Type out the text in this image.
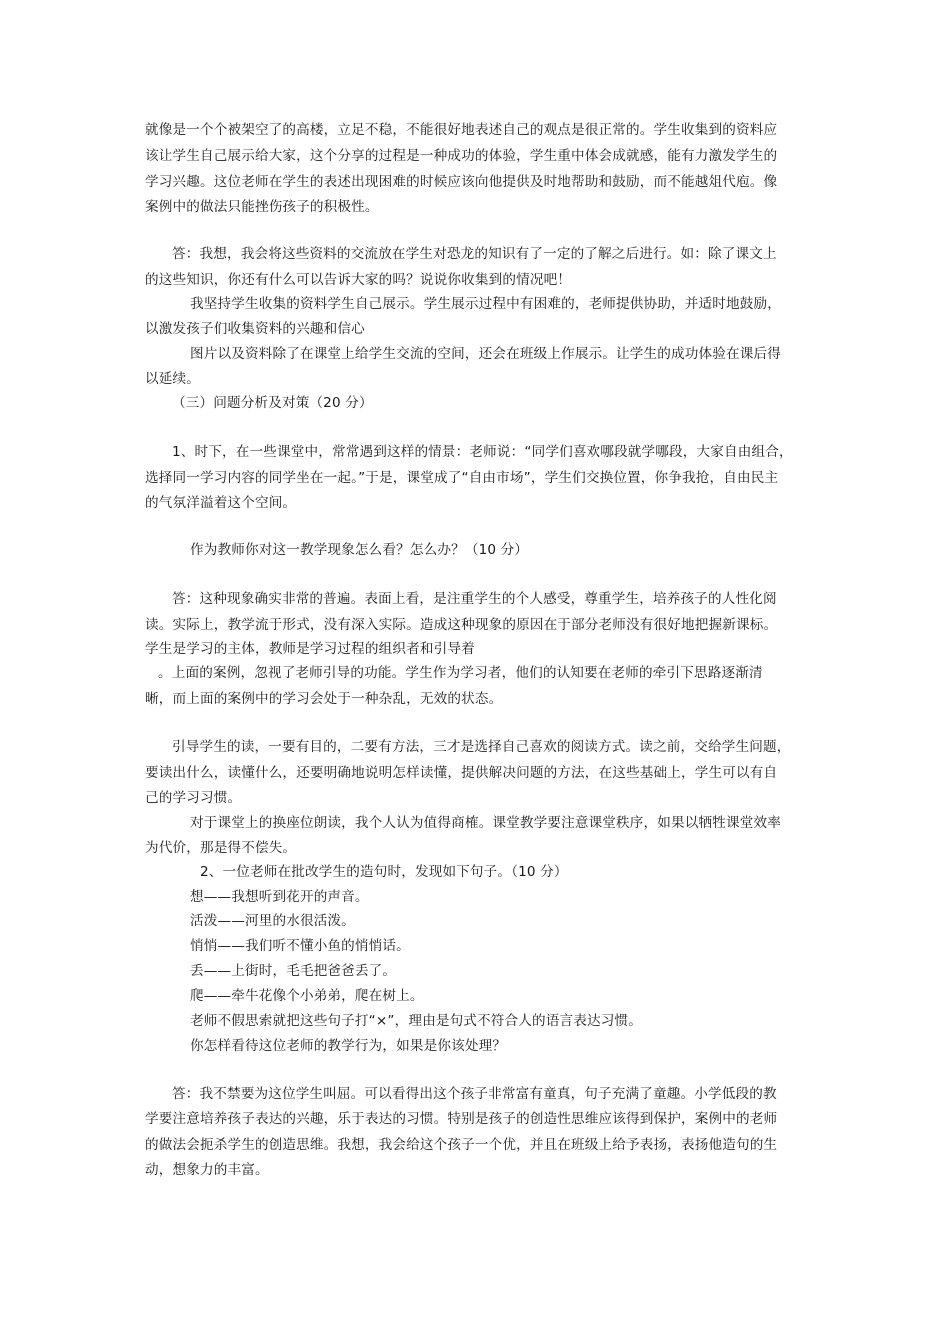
就像是一个个被架空了的高楼，立足不稳，不能很好地表述自己的观点是很正常的。学生收集到的资料应
该让学生自己展示给大家，这个分享的过程是一种成功的体验，学生重中体会成就感，能有力激发学生的
学习兴趣。这位老师在学生的表述出现困难的时候应该向他提供及时地帮助和鼓励，而不能越俎代庖。像
案例中的做法只能挫伤孩子的积极性。
答：我想，我会将这些资料的交流放在学生对恐龙的知识有了一定的了解之后进行。如：除了课文上
的这些知识，你还有什么可以告诉大家的吗？说说你收集到的情况吧！
我坚持学生收集的资料学生自己展示。学生展示过程中有困难的，老师提供协助，并适时地鼓励，
以激发孩子们收集资料的兴趣和信心
图片以及资料除了在课堂上给学生交流的空间，还会在班级上作展示。让学生的成功体验在课后得
以延续。
（三）问题分析及对策（20 分）
1、时下，在一些课堂中，常常遇到这样的情景：老师说：“同学们喜欢哪段就学哪段，大家自由组合，
选择同一学习内容的同学坐在一起。”于是，课堂成了“自由市场”，学生们交换位置，你争我抢，自由民主
的气氛洋溢着这个空间。
作为教师你对这一教学现象怎么看？怎么办？（10 分）
答：这种现象确实非常的普遍。表面上看，是注重学生的个人感受，尊重学生，培养孩子的人性化阅
读。实际上，教学流于形式，没有深入实际。造成这种现象的原因在于部分老师没有很好地把握新课标。
学生是学习的主体，教师是学习过程的组织者和引导着
。上面的案例，忽视了老师引导的功能。学生作为学习者，他们的认知要在老师的牵引下思路逐渐清
晰，而上面的案例中的学习会处于一种杂乱，无效的状态。
引导学生的读，一要有目的，二要有方法，三才是选择自己喜欢的阅读方式。读之前，交给学生问题，
要读出什么，读懂什么，还要明确地说明怎样读懂，提供解决问题的方法，在这些基础上，学生可以有自
己的学习习惯。
对于课堂上的换座位朗读，我个人认为值得商榷。课堂教学要注意课堂秩序，如果以牺牲课堂效率
为代价，那是得不偿失。
2、一位老师在批改学生的造句时，发现如下句子。（10 分）
想——我想听到花开的声音。
活泼——河里的水很活泼。
悄悄——我们听不懂小鱼的悄悄话。
丢——上街时，毛毛把爸爸丢了。
爬——牵牛花像个小弟弟，爬在树上。
老师不假思索就把这些句子打“×”，理由是句式不符合人的语言表达习惯。
你怎样看待这位老师的教学行为，如果是你该处理？
答：我不禁要为这位学生叫屈。可以看得出这个孩子非常富有童真，句子充满了童趣。小学低段的教
学要注意培养孩子表达的兴趣，乐于表达的习惯。特别是孩子的创造性思维应该得到保护，案例中的老师
的做法会扼杀学生的创造思维。我想，我会给这个孩子一个优，并且在班级上给予表扬，表扬他造句的生
动，想象力的丰富。
